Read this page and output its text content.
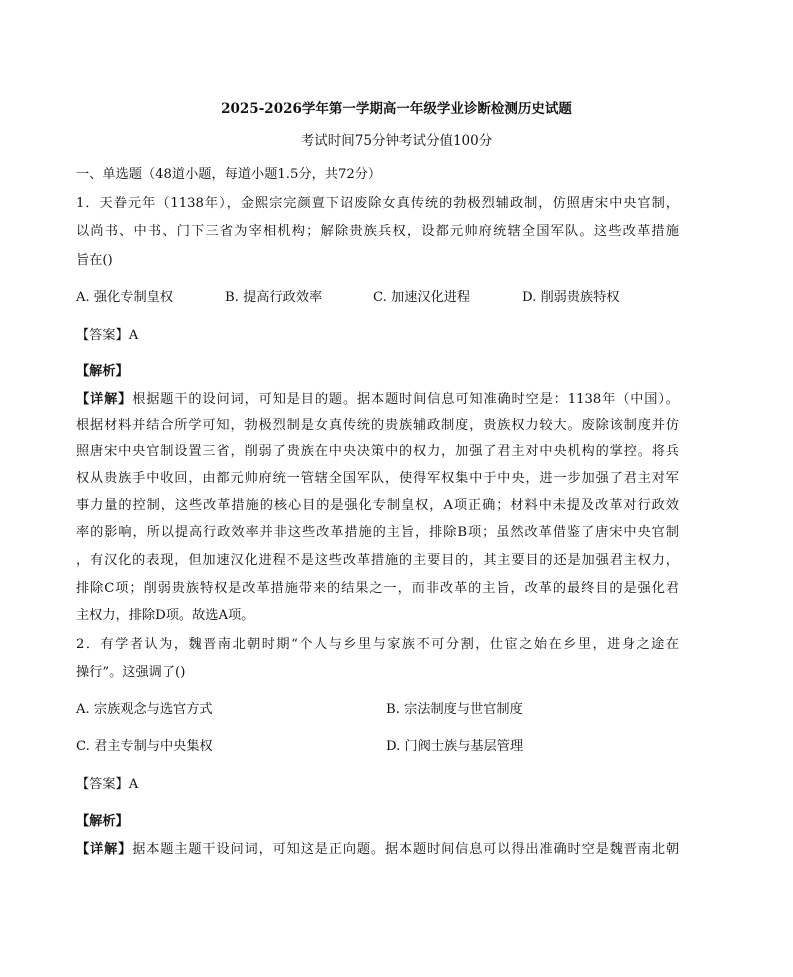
2025-2026学年第一学期高一年级学业诊断检测历史试题
考试时间75分钟考试分值100分
一、单选题（48道小题，每道小题1.5分，共72分）
1．天眷元年（1138年），金熙宗完颜亶下诏废除女真传统的勃极烈辅政制，仿照唐宋中央官制，
以尚书、中书、门下三省为宰相机构；解除贵族兵权，设都元帅府统辖全国军队。这些改革措施
旨在()
A. 强化专制皇权	B. 提高行政效率	C. 加速汉化进程	D. 削弱贵族特权
【答案】A
【解析】
【详解】根据题干的设问词，可知是目的题。据本题时间信息可知准确时空是：1138年（中国）。
根据材料并结合所学可知，勃极烈制是女真传统的贵族辅政制度，贵族权力较大。废除该制度并仿
照唐宋中央官制设置三省，削弱了贵族在中央决策中的权力，加强了君主对中央机构的掌控。将兵
权从贵族手中收回，由都元帅府统一管辖全国军队，使得军权集中于中央，进一步加强了君主对军
事力量的控制，这些改革措施的核心目的是强化专制皇权，A项正确；材料中未提及改革对行政效
率的影响，所以提高行政效率并非这些改革措施的主旨，排除B项；虽然改革借鉴了唐宋中央官制
，有汉化的表现，但加速汉化进程不是这些改革措施的主要目的，其主要目的还是加强君主权力，
排除C项；削弱贵族特权是改革措施带来的结果之一，而非改革的主旨，改革的最终目的是强化君
主权力，排除D项。故选A项。
2．有学者认为，魏晋南北朝时期“个人与乡里与家族不可分割，仕宦之始在乡里，进身之途在
操行”。这强调了()
A. 宗族观念与选官方式	B. 宗法制度与世官制度
C. 君主专制与中央集权	D. 门阀士族与基层管理
【答案】A
【解析】
【详解】据本题主题干设问词，可知这是正向题。据本题时间信息可以得出准确时空是魏晋南北朝
